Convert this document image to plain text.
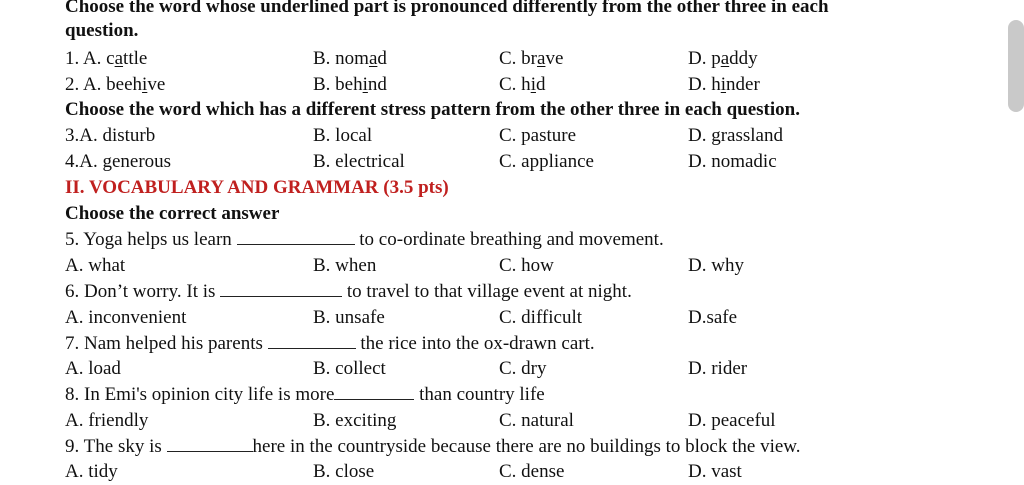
Choose the word whose underlined part is pronounced differently from the other three in each
question.
1. A. cattle	B. nomad	C. brave	D. paddy
2. A. beehive	B. behind	C. hid	D. hinder
Choose the word which has a different stress pattern from the other three in each question.
3.A. disturb	B. local	C. pasture	D. grassland
4.A. generous	B. electrical	C. appliance	D. nomadic
II. VOCABULARY AND GRAMMAR (3.5 pts)
Choose the correct answer
5. Yoga helps us learn	to co-ordinate breathing and movement.
A. what	B. when	C. how	D. why
6. Don’t worry. It is	to travel to that village event at night.
A. inconvenient	B. unsafe	C. difficult	D.safe
7. Nam helped his parents	the rice into the ox-drawn cart.
A. load	B. collect	C. dry	D. rider
8. In Emi's opinion city life is more	than country life
A. friendly	B. exciting	C. natural	D. peaceful
9. The sky is	here in the countryside because there are no buildings to block the view.
A. tidy	B. close	C. dense	D. vast
